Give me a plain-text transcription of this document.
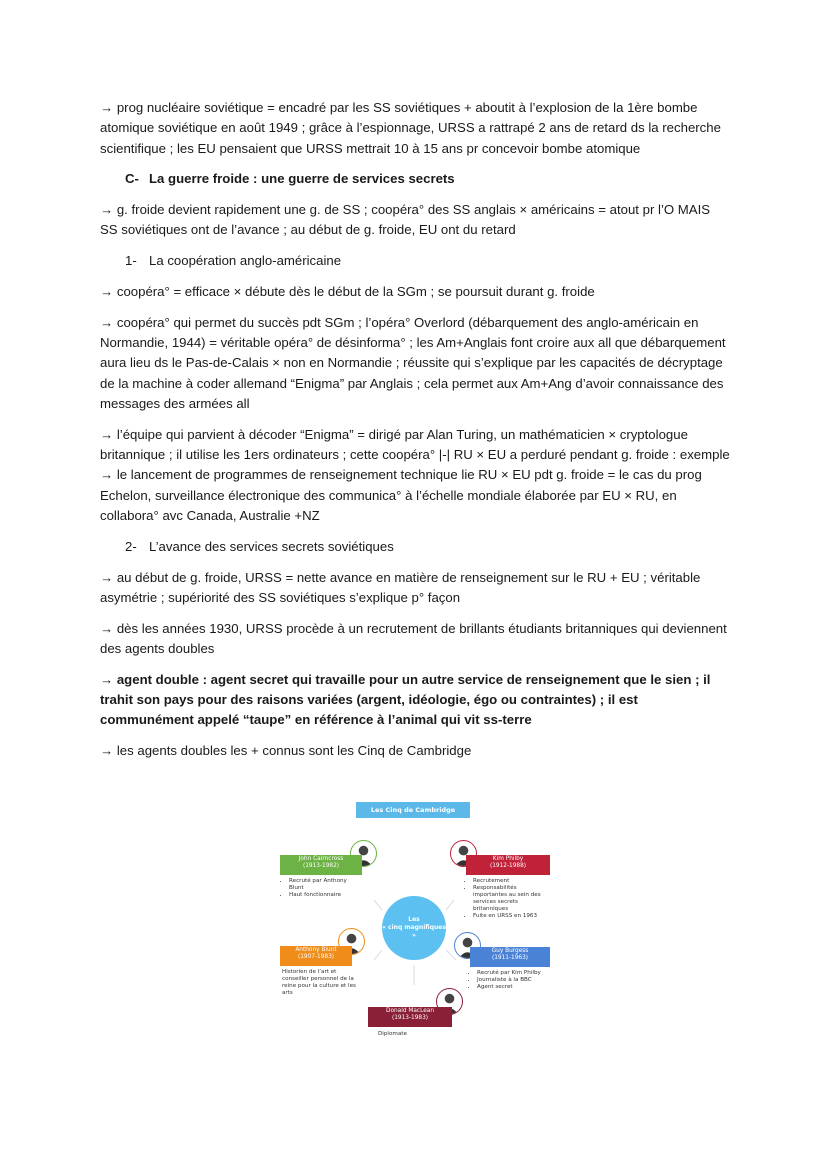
→ prog nucléaire soviétique = encadré par les SS soviétiques + aboutit à l’explosion de la 1ère bombe atomique soviétique en août 1949 ; grâce à l’espionnage, URSS a rattrapé 2 ans de retard ds la recherche scientifique ; les EU pensaient que URSS mettrait 10 à 15 ans pr concevoir bombe atomique

C- La guerre froide : une guerre de services secrets

→ g. froide devient rapidement une g. de SS ; coopéra° des SS anglais × américains = atout pr l’O MAIS SS soviétiques ont de l’avance ; au début de g. froide, EU ont du retard

1- La coopération anglo-américaine

→ coopéra° = efficace × débute dès le début de la SGm ; se poursuit durant g. froide

→ coopéra° qui permet du succès pdt SGm ; l’opéra° Overlord (débarquement des anglo-américain en Normandie, 1944) = véritable opéra° de désinforma° ; les Am+Anglais font croire aux all que débarquement aura lieu ds le Pas-de-Calais × non en Normandie ; réussite qui s’explique par les capacités de décryptage de la machine à coder allemand “Enigma” par Anglais ; cela permet aux Am+Ang d’avoir connaissance des messages des armées all

→ l’équipe qui parvient à décoder “Enigma” = dirigé par Alan Turing, un mathématicien × cryptologue britannique ; il utilise les 1ers ordinateurs ; cette coopéra° |-| RU × EU a perduré pendant g. froide : exemple → le lancement de programmes de renseignement technique lie RU × EU pdt g. froide = le cas du prog Echelon, surveillance électronique des communica° à l’échelle mondiale élaborée par EU × RU, en collabora° avc Canada, Australie +NZ

2- L’avance des services secrets soviétiques

→ au début de g. froide, URSS = nette avance en matière de renseignement sur le RU + EU ; véritable asymétrie ; supériorité des SS soviétiques s’explique p° façon

→ dès les années 1930, URSS procède à un recrutement de brillants étudiants britanniques qui deviennent des agents doubles

→ agent double : agent secret qui travaille pour un autre service de renseignement que le sien ; il trahit son pays pour des raisons variées (argent, idéologie, égo ou contraintes) ; il est communément appelé “taupe” en référence à l’animal qui vit ss-terre

→ les agents doubles les + connus sont les Cinq de Cambridge

Les Cinq de Cambridge
John Cairncross
(1913-1982)
• Recruté par Anthony Blunt
• Haut fonctionnaire
Kim Philby
(1912-1988)
• Recrutement
• Responsabilités importantes au sein des services secrets britanniques
• Fuite en URSS en 1963
Les
« cinq magnifiques »
Anthony Blunt
(1907-1983)
Historien de l’art et conseiller personnel de la reine pour la culture et les arts
Guy Burgess
(1911-1963)
• Recruté par Kim Philby
• Journaliste à la BBC
• Agent secret
Donald MacLean
(1913-1983)
Diplomate
